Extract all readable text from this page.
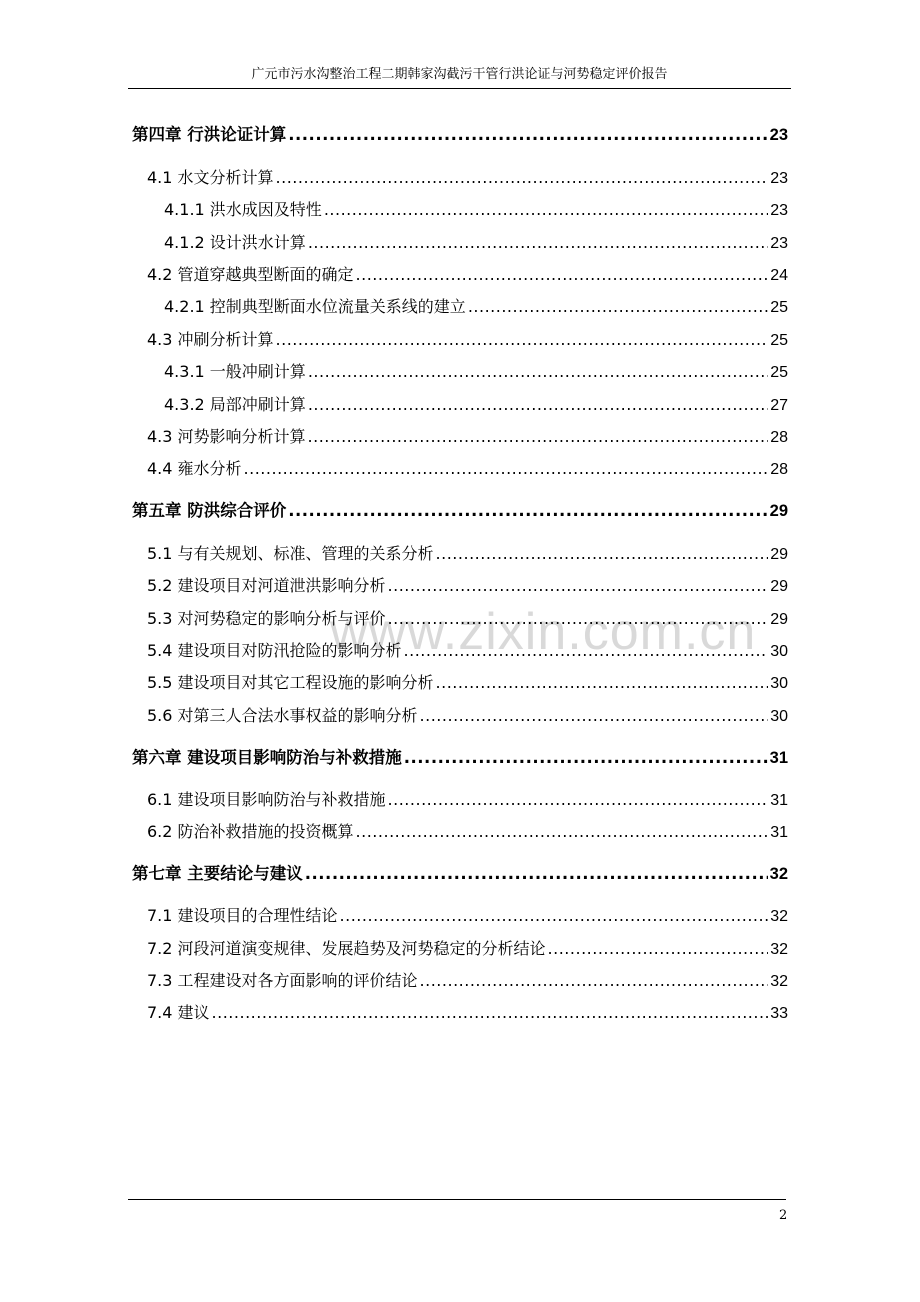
广元市污水沟整治工程二期韩家沟截污干管行洪论证与河势稳定评价报告
www.zixin.com.cn
第四章 行洪论证计算 .....	23
4.1 水文分析计算 .....	23
4.1.1 洪水成因及特性 .....	23
4.1.2 设计洪水计算 .....	23
4.2 管道穿越典型断面的确定 .....	24
4.2.1 控制典型断面水位流量关系线的建立 .....	25
4.3 冲刷分析计算 .....	25
4.3.1 一般冲刷计算 .....	25
4.3.2 局部冲刷计算 .....	27
4.3 河势影响分析计算 .....	28
4.4 雍水分析 .....	28
第五章 防洪综合评价 .....	29
5.1 与有关规划、标准、管理的关系分析 .....	29
5.2 建设项目对河道泄洪影响分析 .....	29
5.3 对河势稳定的影响分析与评价 .....	29
5.4 建设项目对防汛抢险的影响分析 .....	30
5.5 建设项目对其它工程设施的影响分析 .....	30
5.6 对第三人合法水事权益的影响分析 .....	30
第六章 建设项目影响防治与补救措施 .....	31
6.1 建设项目影响防治与补救措施 .....	31
6.2 防治补救措施的投资概算 .....	31
第七章 主要结论与建议 .....	32
7.1 建设项目的合理性结论 .....	32
7.2 河段河道演变规律、发展趋势及河势稳定的分析结论 .....	32
7.3 工程建设对各方面影响的评价结论 .....	32
7.4 建议 .....	33
2
